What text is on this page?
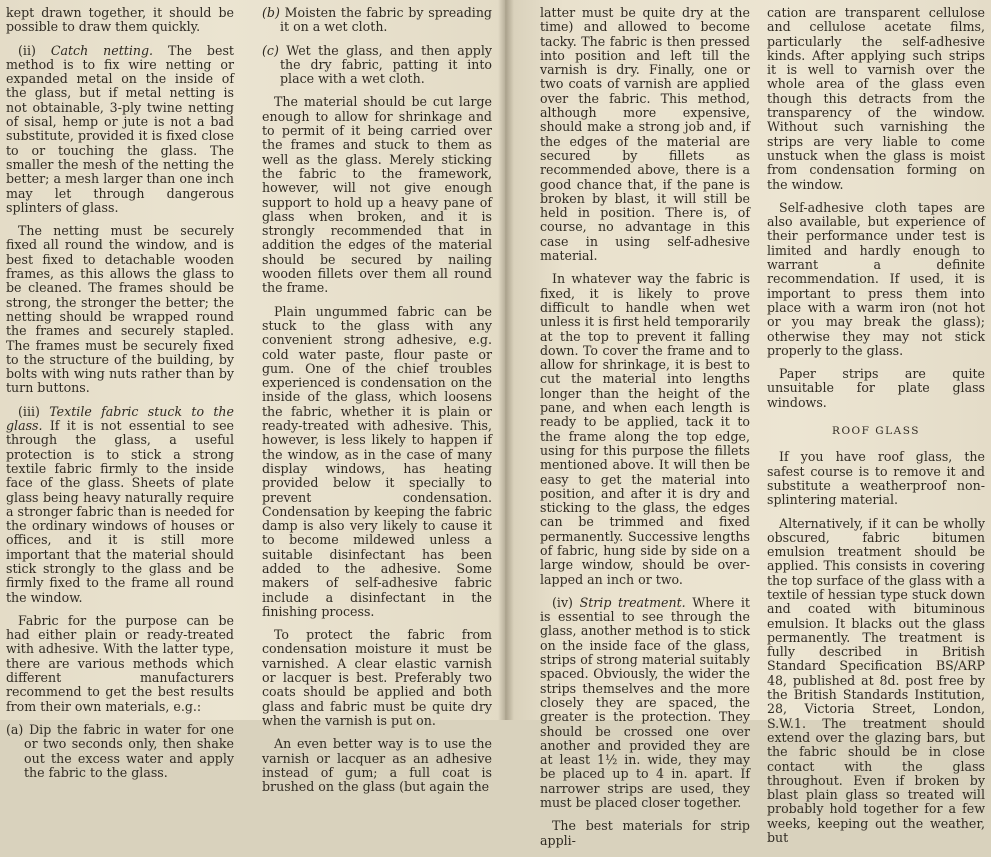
kept drawn together, it should be possible to draw them quickly.

(ii) Catch netting. The best method is to fix wire netting or expanded metal on the inside of the glass, but if metal netting is not obtainable, 3-ply twine netting of sisal, hemp or jute is not a bad substitute, provided it is fixed close to or touching the glass. The smaller the mesh of the netting the better; a mesh larger than one inch may let through dangerous splinters of glass.

The netting must be securely fixed all round the window, and is best fixed to detachable wooden frames, as this allows the glass to be cleaned. The frames should be strong, the stronger the better; the netting should be wrapped round the frames and securely stapled. The frames must be securely fixed to the structure of the building, by bolts with wing nuts rather than by turn buttons.

(iii) Textile fabric stuck to the glass. If it is not essential to see through the glass, a useful protection is to stick a strong textile fabric firmly to the inside face of the glass. Sheets of plate glass being heavy naturally require a stronger fabric than is needed for the ordinary windows of houses or offices, and it is still more important that the material should stick strongly to the glass and be firmly fixed to the frame all round the window.

Fabric for the purpose can be had either plain or ready-treated with adhesive. With the latter type, there are various methods which different manufacturers recommend to get the best results from their own materials, e.g.:

(a) Dip the fabric in water for one or two seconds only, then shake out the excess water and apply the fabric to the glass.
(b) Moisten the fabric by spreading it on a wet cloth.
(c) Wet the glass, and then apply the dry fabric, patting it into place with a wet cloth.

The material should be cut large enough to allow for shrinkage and to permit of it being carried over the frames and stuck to them as well as the glass. Merely sticking the fabric to the framework, however, will not give enough support to hold up a heavy pane of glass when broken, and it is strongly recommended that in addition the edges of the material should be secured by nailing wooden fillets over them all round the frame.

Plain ungummed fabric can be stuck to the glass with any convenient strong adhesive, e.g. cold water paste, flour paste or gum. One of the chief troubles experienced is condensation on the inside of the glass, which loosens the fabric, whether it is plain or ready-treated with adhesive. This, however, is less likely to happen if the window, as in the case of many display windows, has heating provided below it specially to prevent condensation. Condensation by keeping the fabric damp is also very likely to cause it to become mildewed unless a suitable disinfectant has been added to the adhesive. Some makers of self-adhesive fabric include a disinfectant in the finishing process.

To protect the fabric from condensation moisture it must be varnished. A clear elastic varnish or lacquer is best. Preferably two coats should be applied and both glass and fabric must be quite dry when the varnish is put on.

An even better way is to use the varnish or lacquer as an adhesive instead of gum; a full coat is brushed on the glass (but again the

latter must be quite dry at the time) and allowed to become tacky. The fabric is then pressed into position and left till the varnish is dry. Finally, one or two coats of varnish are applied over the fabric. This method, although more expensive, should make a strong job and, if the edges of the material are secured by fillets as recommended above, there is a good chance that, if the pane is broken by blast, it will still be held in position. There is, of course, no advantage in this case in using self-adhesive material.

In whatever way the fabric is fixed, it is likely to prove difficult to handle when wet unless it is first held temporarily at the top to prevent it falling down. To cover the frame and to allow for shrinkage, it is best to cut the material into lengths longer than the height of the pane, and when each length is ready to be applied, tack it to the frame along the top edge, using for this purpose the fillets mentioned above. It will then be easy to get the material into position, and after it is dry and sticking to the glass, the edges can be trimmed and fixed permanently. Successive lengths of fabric, hung side by side on a large window, should be over-lapped an inch or two.

(iv) Strip treatment. Where it is essential to see through the glass, another method is to stick on the inside face of the glass, strips of strong material suitably spaced. Obviously, the wider the strips themselves and the more closely they are spaced, the greater is the protection. They should be crossed one over another and provided they are at least 1½ in. wide, they may be placed up to 4 in. apart. If narrower strips are used, they must be placed closer together.

The best materials for strip appli-

cation are transparent cellulose and cellulose acetate films, particularly the self-adhesive kinds. After applying such strips it is well to varnish over the whole area of the glass even though this detracts from the transparency of the window. Without such varnishing the strips are very liable to come unstuck when the glass is moist from condensation forming on the window.

Self-adhesive cloth tapes are also available, but experience of their performance under test is limited and hardly enough to warrant a definite recommendation. If used, it is important to press them into place with a warm iron (not hot or you may break the glass); otherwise they may not stick properly to the glass.

Paper strips are quite unsuitable for plate glass windows.

ROOF GLASS

If you have roof glass, the safest course is to remove it and substitute a weatherproof non-splintering material.

Alternatively, if it can be wholly obscured, fabric bitumen emulsion treatment should be applied. This consists in covering the top surface of the glass with a textile of hessian type stuck down and coated with bituminous emulsion. It blacks out the glass permanently. The treatment is fully described in British Standard Specification BS/ARP 48, published at 8d. post free by the British Standards Institution, 28, Victoria Street, London, S.W.1. The treatment should extend over the glazing bars, but the fabric should be in close contact with the glass throughout. Even if broken by blast plain glass so treated will probably hold together for a few weeks, keeping out the weather, but
